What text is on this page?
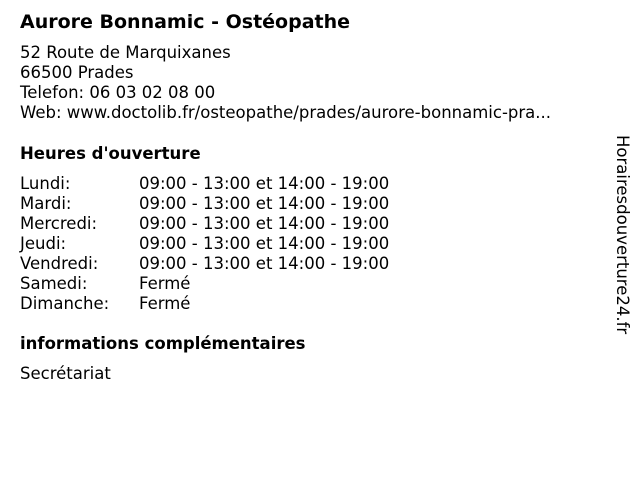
Aurore Bonnamic - Ostéopathe
52 Route de Marquixanes
66500 Prades
Telefon: 06 03 02 08 00
Web: www.doctolib.fr/osteopathe/prades/aurore-bonnamic-pra...
Heures d'ouverture
Lundi:	09:00 - 13:00 et 14:00 - 19:00
Mardi:	09:00 - 13:00 et 14:00 - 19:00
Mercredi:	09:00 - 13:00 et 14:00 - 19:00
Jeudi:	09:00 - 13:00 et 14:00 - 19:00
Vendredi: 09:00 - 13:00 et 14:00 - 19:00
Samedi:	Fermé
Dimanche: Fermé
informations complémentaires
Secrétariat
Horairesdouverture24.fr
